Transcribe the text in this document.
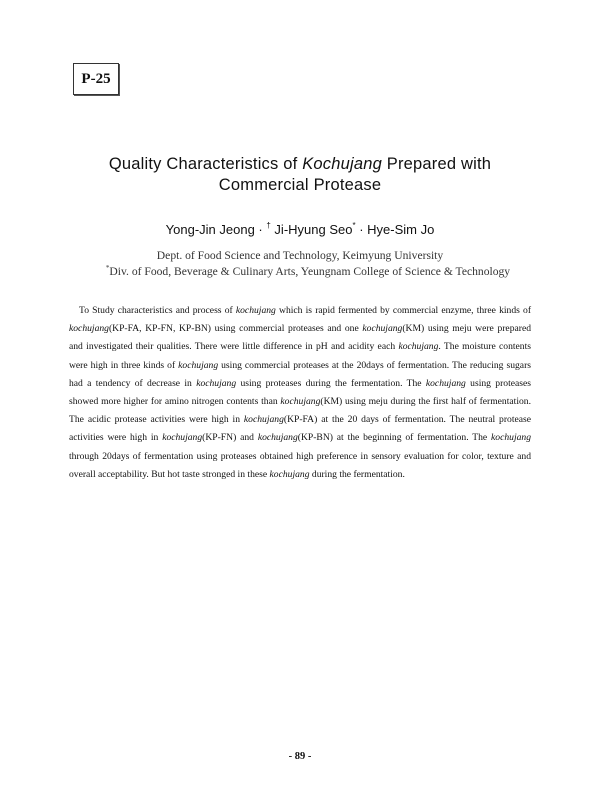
P-25
Quality Characteristics of Kochujang Prepared with
Commercial Protease
Yong-Jin Jeong · † Ji-Hyung Seo* · Hye-Sim Jo
Dept. of Food Science and Technology, Keimyung University
*Div. of Food, Beverage & Culinary Arts, Yeungnam College of Science & Technology

To Study characteristics and process of kochujang which is rapid fermented by commercial enzyme, three kinds of kochujang(KP-FA, KP-FN, KP-BN) using commercial proteases and one kochujang(KM) using meju were prepared and investigated their qualities. There were little difference in pH and acidity each kochujang. The moisture contents were high in three kinds of kochujang using commercial proteases at the 20days of fermentation. The reducing sugars had a tendency of decrease in kochujang using proteases during the fermentation. The kochujang using proteases showed more higher for amino nitrogen contents than kochujang(KM) using meju during the first half of fermentation. The acidic protease activities were high in kochujang(KP-FA) at the 20 days of fermentation. The neutral protease activities were high in kochujang(KP-FN) and kochujang(KP-BN) at the beginning of fermentation. The kochujang through 20days of fermentation using proteases obtained high preference in sensory evaluation for color, texture and overall acceptability. But hot taste stronged in these kochujang during the fermentation.

- 89 -
